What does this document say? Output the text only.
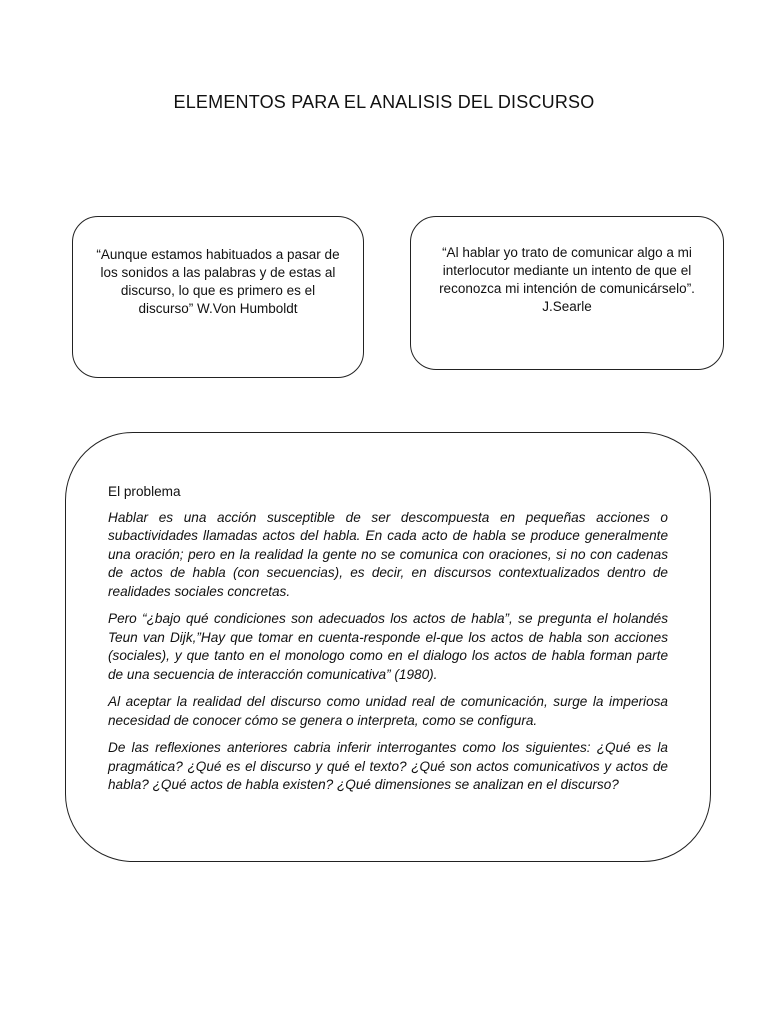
ELEMENTOS PARA EL ANALISIS DEL DISCURSO

“Aunque estamos habituados a pasar de los sonidos a las palabras y de estas al discurso, lo que es primero es el discurso” W.Von Humboldt

“Al hablar yo trato de comunicar algo a mi interlocutor mediante un intento de que el reconozca mi intención de comunicárselo”. J.Searle

El problema

Hablar es una acción susceptible de ser descompuesta en pequeñas acciones o subactividades llamadas actos del habla. En cada acto de habla se produce generalmente una oración; pero en la realidad la gente no se comunica con oraciones, si no con cadenas de actos de habla (con secuencias), es decir, en discursos contextualizados dentro de realidades sociales concretas.

Pero “¿bajo qué condiciones son adecuados los actos de habla”, se pregunta el holandés Teun van Dijk,”Hay que tomar en cuenta-responde el-que los actos de habla son acciones (sociales), y que tanto en el monologo como en el dialogo los actos de habla forman parte de una secuencia de interacción comunicativa” (1980).

Al aceptar la realidad del discurso como unidad real de comunicación, surge la imperiosa necesidad de conocer cómo se genera o interpreta, como se configura.

De las reflexiones anteriores cabria inferir interrogantes como los siguientes: ¿Qué es la pragmática? ¿Qué es el discurso y qué el texto? ¿Qué son actos comunicativos y actos de habla? ¿Qué actos de habla existen? ¿Qué dimensiones se analizan en el discurso?
